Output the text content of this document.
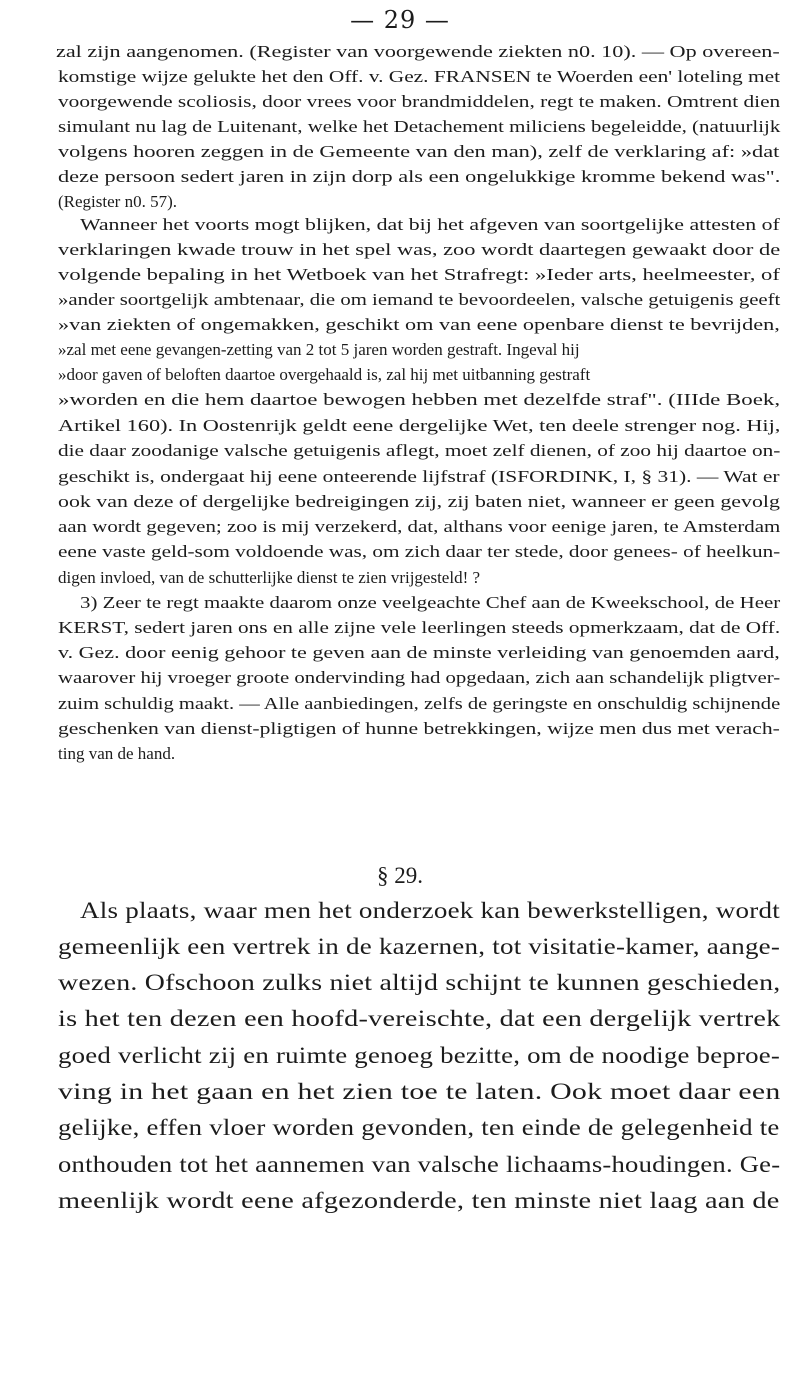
— 29 —
zal zijn aangenomen. (Register van voorgewende ziekten n0. 10). — Op overeen-
komstige wijze gelukte het den Off. v. Gez. FRANSEN te Woerden een' loteling met
voorgewende scoliosis, door vrees voor brandmiddelen, regt te maken. Omtrent dien
simulant nu lag de Luitenant, welke het Detachement miliciens begeleidde, (natuurlijk
volgens hooren zeggen in de Gemeente van den man), zelf de verklaring af: »dat
deze persoon sedert jaren in zijn dorp als een ongelukkige kromme bekend was".
(Register n0. 57).
Wanneer het voorts mogt blijken, dat bij het afgeven van soortgelijke attesten of
verklaringen kwade trouw in het spel was, zoo wordt daartegen gewaakt door de
volgende bepaling in het Wetboek van het Strafregt: »Ieder arts, heelmeester, of
»ander soortgelijk ambtenaar, die om iemand te bevoordeelen, valsche getuigenis geeft
»van ziekten of ongemakken, geschikt om van eene openbare dienst te bevrijden,
»zal met eene gevangen-zetting van 2 tot 5 jaren worden gestraft. Ingeval hij
»door gaven of beloften daartoe overgehaald is, zal hij met uitbanning gestraft
»worden en die hem daartoe bewogen hebben met dezelfde straf". (IIIde Boek,
Artikel 160). In Oostenrijk geldt eene dergelijke Wet, ten deele strenger nog. Hij,
die daar zoodanige valsche getuigenis aflegt, moet zelf dienen, of zoo hij daartoe on-
geschikt is, ondergaat hij eene onteerende lijfstraf (ISFORDINK, I, § 31). — Wat er
ook van deze of dergelijke bedreigingen zij, zij baten niet, wanneer er geen gevolg
aan wordt gegeven; zoo is mij verzekerd, dat, althans voor eenige jaren, te Amsterdam
eene vaste geld-som voldoende was, om zich daar ter stede, door genees- of heelkun-
digen invloed, van de schutterlijke dienst te zien vrijgesteld! ?
3) Zeer te regt maakte daarom onze veelgeachte Chef aan de Kweekschool, de Heer
KERST, sedert jaren ons en alle zijne vele leerlingen steeds opmerkzaam, dat de Off.
v. Gez. door eenig gehoor te geven aan de minste verleiding van genoemden aard,
waarover hij vroeger groote ondervinding had opgedaan, zich aan schandelijk pligtver-
zuim schuldig maakt. — Alle aanbiedingen, zelfs de geringste en onschuldig schijnende
geschenken van dienst-pligtigen of hunne betrekkingen, wijze men dus met verach-
ting van de hand.
§ 29.
Als plaats, waar men het onderzoek kan bewerkstelligen, wordt
gemeenlijk een vertrek in de kazernen, tot visitatie-kamer, aange-
wezen. Ofschoon zulks niet altijd schijnt te kunnen geschieden,
is het ten dezen een hoofd-vereischte, dat een dergelijk vertrek
goed verlicht zij en ruimte genoeg bezitte, om de noodige beproe-
ving in het gaan en het zien toe te laten. Ook moet daar een
gelijke, effen vloer worden gevonden, ten einde de gelegenheid te
onthouden tot het aannemen van valsche lichaams-houdingen. Ge-
meenlijk wordt eene afgezonderde, ten minste niet laag aan de
